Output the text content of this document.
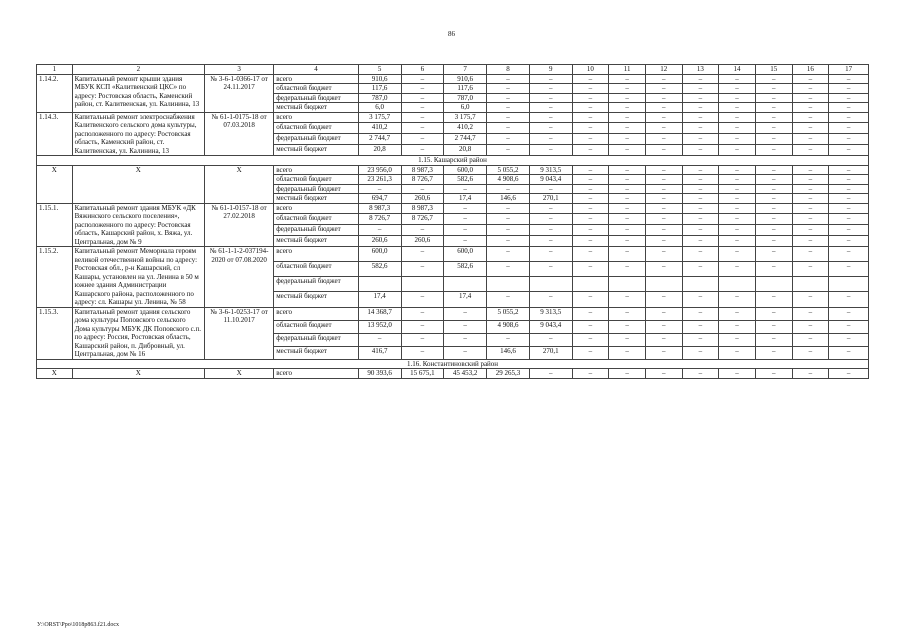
86
1	2	3	4	5	6	7	8	9	10	11	12	13	14	15	16	17
1.14.2.	Капитальный ремонт крыши здания МБУК КСП «Калитвенский ЦКС» по адресу: Ростовская область, Каменский район, ст. Калитвенская, ул. Калинина, 13	№ 3-6-1-0366-17 от 24.11.2017	всего	910,6	–	910,6	–	–	–	–	–	–	–	–	–	–
			областной бюджет	117,6	–	117,6	–	–	–	–	–	–	–	–	–	–
			федеральный бюджет	787,0	–	787,0	–	–	–	–	–	–	–	–	–	–
			местный бюджет	6,0	–	6,0	–	–	–	–	–	–	–	–	–	–
1.14.3.	Капитальный ремонт электроснабжения Калитвенского сельского дома культуры, расположенного по адресу: Ростовская область, Каменский район, ст. Калитвенская, ул. Калинина, 13	№ 61-1-0175-18 от 07.03.2018	всего	3 175,7	–	3 175,7	–	–	–	–	–	–	–	–	–	–
			областной бюджет	410,2	–	410,2	–	–	–	–	–	–	–	–	–	–
			федеральный бюджет	2 744,7	–	2 744,7	–	–	–	–	–	–	–	–	–	–
			местный бюджет	20,8	–	20,8	–	–	–	–	–	–	–	–	–	–
1.15. Кашарский район																
Х	Х	Х	всего	23 956,0	8 987,3	600,0	5 055,2	9 313,5	–	–	–	–	–	–	–	–
			областной бюджет	23 261,3	8 726,7	582,6	4 908,6	9 043,4	–	–	–	–	–	–	–	–
			федеральный бюджет	–	–	–	–	–	–	–	–	–	–	–	–	–
			местный бюджет	694,7	260,6	17,4	146,6	270,1	–	–	–	–	–	–	–	–
1.15.1.	Капитальный ремонт здания МБУК «ДК Вяжинского сельского поселения», расположенного по адресу: Ростовская область, Кашарский район, х. Вяжа, ул. Центральная, дом № 9	№ 61-1-0157-18 от 27.02.2018	всего	8 987,3	8 987,3	–	–	–	–	–	–	–	–	–	–	–
			областной бюджет	8 726,7	8 726,7	–	–	–	–	–	–	–	–	–	–	–
			федеральный бюджет	–	–	–	–	–	–	–	–	–	–	–	–	–
			местный бюджет	260,6	260,6	–	–	–	–	–	–	–	–	–	–	–
1.15.2.	Капитальный ремонт Мемориала героям великой отечественной войны по адресу: Ростовская обл., р-н Кашарский, сл Кашары, установлен на ул. Ленина в 50 м южнее здания Администрации Кашарского района, расположенного по адресу: сл. Кашары ул. Ленина, № 58	№ 61-1-1-2-037194-2020 от 07.08.2020	всего	600,0	–	600,0	–	–	–	–	–	–	–	–	–	–
			областной бюджет	582,6	–	582,6	–	–	–	–	–	–	–	–	–	–
			федеральный бюджет													
			местный бюджет	17,4	–	17,4	–	–	–	–	–	–	–	–	–	–
1.15.3.	Капитальный ремонт здания сельского дома культуры Поповского сельского Дома культуры МБУК ДК Поповского с.п. по адресу: Россия, Ростовская область, Кашарский район, п. Дибровный, ул. Центральная, дом № 16	№ 3-6-1-0253-17 от 11.10.2017	всего	14 368,7	–	–	5 055,2	9 313,5	–	–	–	–	–	–	–	–
			областной бюджет	13 952,0	–	–	4 908,6	9 043,4	–	–	–	–	–	–	–	–
			федеральный бюджет	–	–	–	–	–	–	–	–	–	–	–	–	–
			местный бюджет	416,7	–	–	146,6	270,1	–	–	–	–	–	–	–	–
1.16. Константиновский район																
Х	Х	Х	всего	90 393,6	15 675,1	45 453,2	29 265,3	–	–	–	–	–	–	–	–	–
У:\ORST\Ppo\1018p863.f21.docx
